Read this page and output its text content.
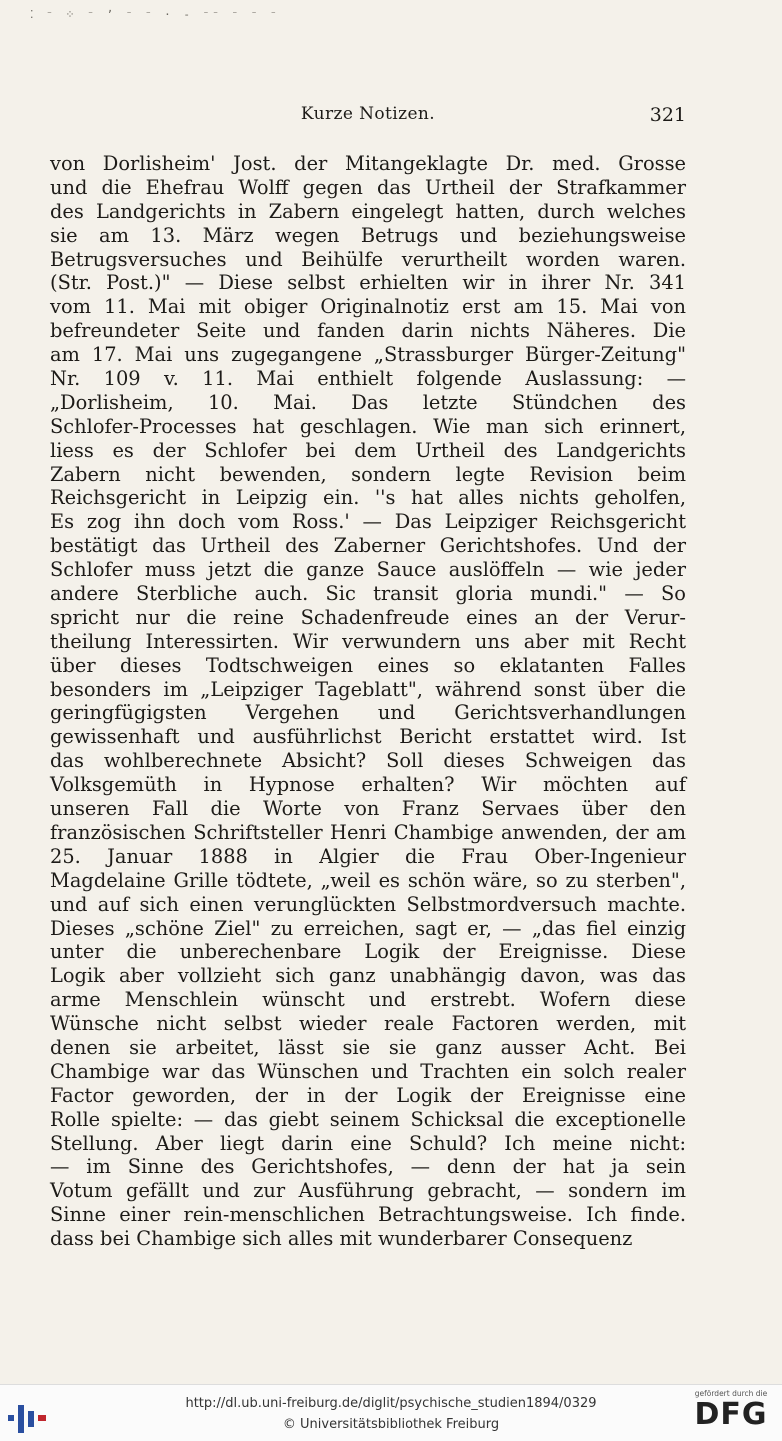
⁚ ⁻ ⁘ ⁻ ʼ ⁻ ⁻ · ‐ ⁻⁻ ⁻ ⁻ ⁻
Kurze Notizen.	321
von Dorlisheim' Jost. der Mitangeklagte Dr. med. Grosse
und die Ehefrau Wolff gegen das Urtheil der Strafkammer
des Landgerichts in Zabern eingelegt hatten, durch welches
sie am 13. März wegen Betrugs und beziehungsweise
Betrugsversuches und Beihülfe verurtheilt worden waren.
(Str. Post.)" — Diese selbst erhielten wir in ihrer Nr. 341
vom 11. Mai mit obiger Originalnotiz erst am 15. Mai von
befreundeter Seite und fanden darin nichts Näheres. Die
am 17. Mai uns zugegangene „Strassburger Bürger-Zeitung"
Nr. 109 v. 11. Mai enthielt folgende Auslassung: —
„Dorlisheim, 10. Mai. Das letzte Stündchen des
Schlofer-Processes hat geschlagen. Wie man sich erinnert,
liess es der Schlofer bei dem Urtheil des Landgerichts
Zabern nicht bewenden, sondern legte Revision beim
Reichsgericht in Leipzig ein. ''s hat alles nichts geholfen,
Es zog ihn doch vom Ross.' — Das Leipziger Reichsgericht
bestätigt das Urtheil des Zaberner Gerichtshofes. Und der
Schlofer muss jetzt die ganze Sauce auslöffeln — wie jeder
andere Sterbliche auch. Sic transit gloria mundi." — So
spricht nur die reine Schadenfreude eines an der Verur-
theilung Interessirten. Wir verwundern uns aber mit Recht
über dieses Todtschweigen eines so eklatanten Falles
besonders im „Leipziger Tageblatt", während sonst über die
geringfügigsten Vergehen und Gerichtsverhandlungen
gewissenhaft und ausführlichst Bericht erstattet wird. Ist
das wohlberechnete Absicht? Soll dieses Schweigen das
Volksgemüth in Hypnose erhalten? Wir möchten auf
unseren Fall die Worte von Franz Servaes über den
französischen Schriftsteller Henri Chambige anwenden, der am
25. Januar 1888 in Algier die Frau Ober-Ingenieur
Magdelaine Grille tödtete, „weil es schön wäre, so zu sterben",
und auf sich einen verunglückten Selbstmordversuch machte.
Dieses „schöne Ziel" zu erreichen, sagt er, — „das fiel einzig
unter die unberechenbare Logik der Ereignisse. Diese
Logik aber vollzieht sich ganz unabhängig davon, was das
arme Menschlein wünscht und erstrebt. Wofern diese
Wünsche nicht selbst wieder reale Factoren werden, mit
denen sie arbeitet, lässt sie sie ganz ausser Acht. Bei
Chambige war das Wünschen und Trachten ein solch realer
Factor geworden, der in der Logik der Ereignisse eine
Rolle spielte: — das giebt seinem Schicksal die exceptionelle
Stellung. Aber liegt darin eine Schuld? Ich meine nicht:
— im Sinne des Gerichtshofes, — denn der hat ja sein
Votum gefällt und zur Ausführung gebracht, — sondern im
Sinne einer rein-menschlichen Betrachtungsweise. Ich finde.
dass bei Chambige sich alles mit wunderbarer Consequenz
http://dl.ub.uni-freiburg.de/diglit/psychische_studien1894/0329
© Universitätsbibliothek Freiburg
gefördert durch die
DFG
